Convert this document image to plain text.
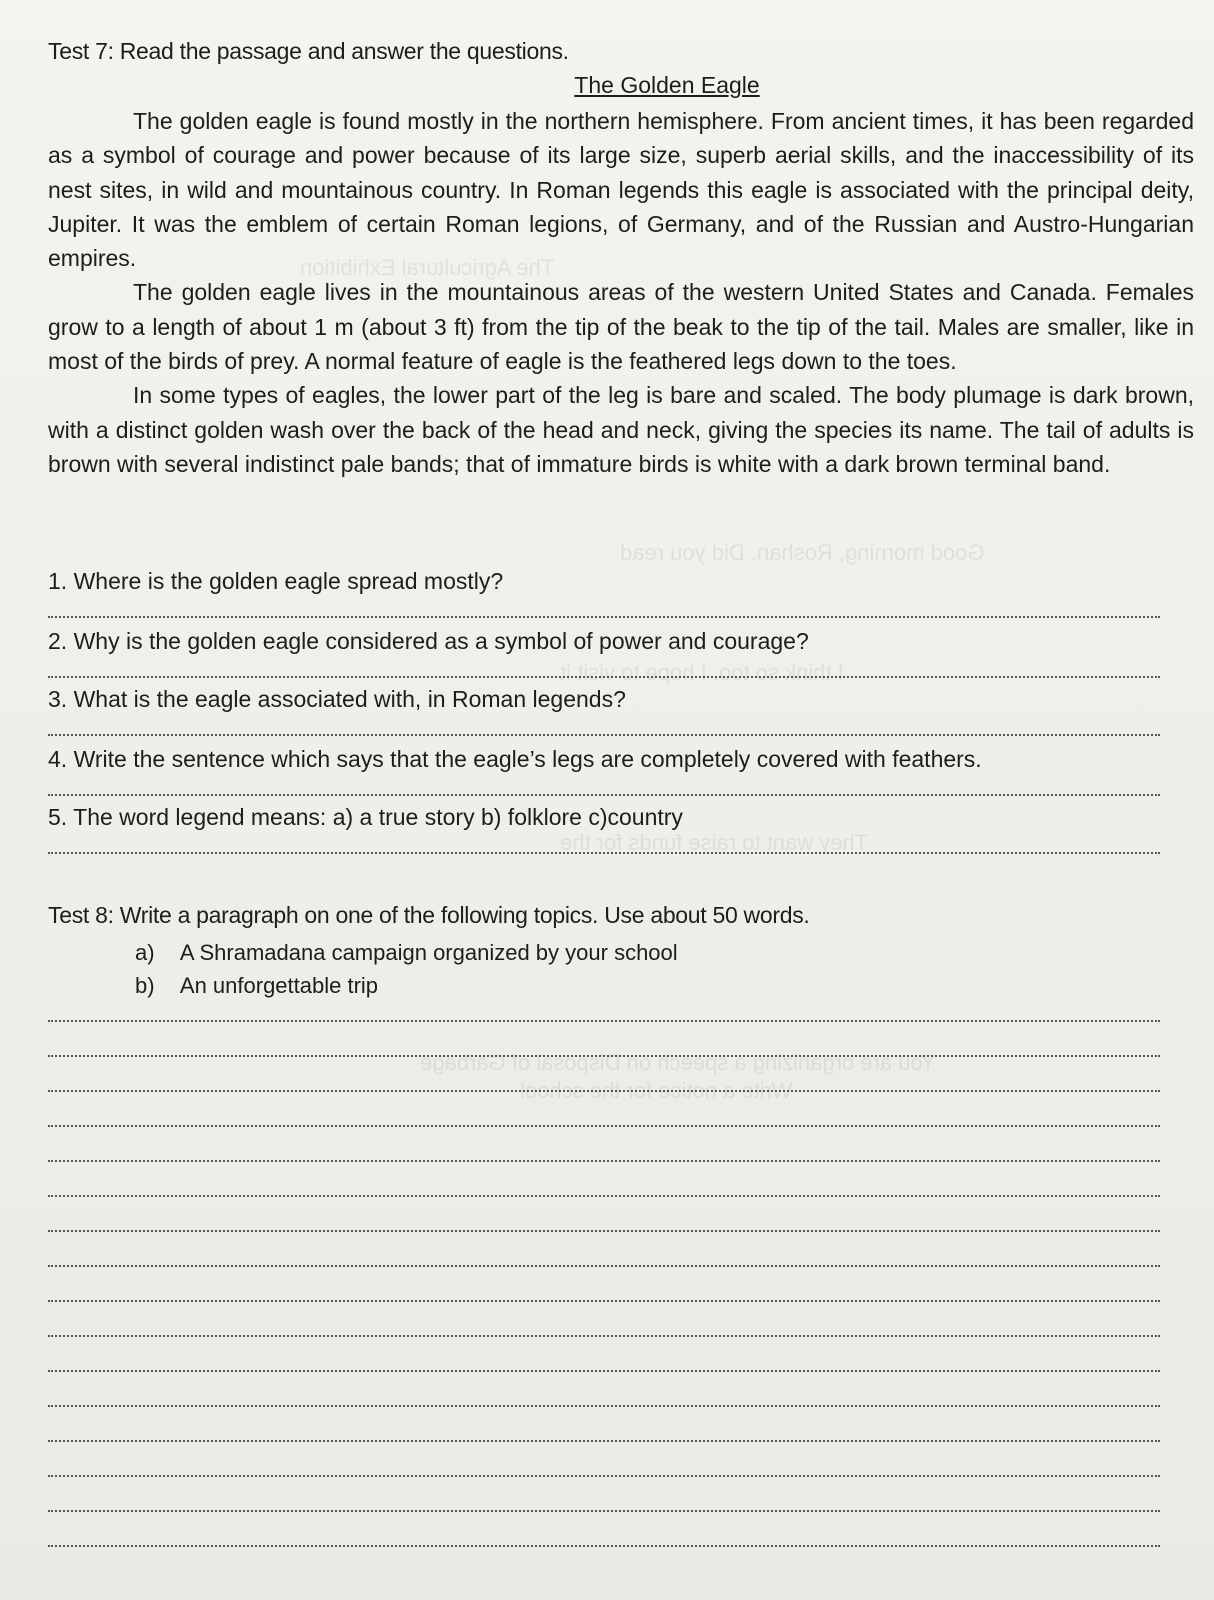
The Agricultural Exhibition
Good morning, Roshan. Did you read
I think so too. I hope to visit it
They want to raise funds for the
You are organizing a speech on Disposal of Garbage
Write a notice for the school
Test 7: Read the passage and answer the questions.
The Golden Eagle

The golden eagle is found mostly in the northern hemisphere. From ancient times, it has been regarded as a symbol of courage and power because of its large size, superb aerial skills, and the inaccessibility of its nest sites, in wild and mountainous country. In Roman legends this eagle is associated with the principal deity, Jupiter. It was the emblem of certain Roman legions, of Germany, and of the Russian and Austro-Hungarian empires.

The golden eagle lives in the mountainous areas of the western United States and Canada. Females grow to a length of about 1 m (about 3 ft) from the tip of the beak to the tip of the tail. Males are smaller, like in most of the birds of prey. A normal feature of eagle is the feathered legs down to the toes.

In some types of eagles, the lower part of the leg is bare and scaled. The body plumage is dark brown, with a distinct golden wash over the back of the head and neck, giving the species its name. The tail of adults is brown with several indistinct pale bands; that of immature birds is white with a dark brown terminal band.

1. Where is the golden eagle spread mostly?
2. Why is the golden eagle considered as a symbol of power and courage?
3. What is the eagle associated with, in Roman legends?
4. Write the sentence which says that the eagle’s legs are completely covered with feathers.
5. The word legend means: a) a true story b) folklore c)country
Test 8: Write a paragraph on one of the following topics. Use about 50 words.
a) A Shramadana campaign organized by your school
b) An unforgettable trip
